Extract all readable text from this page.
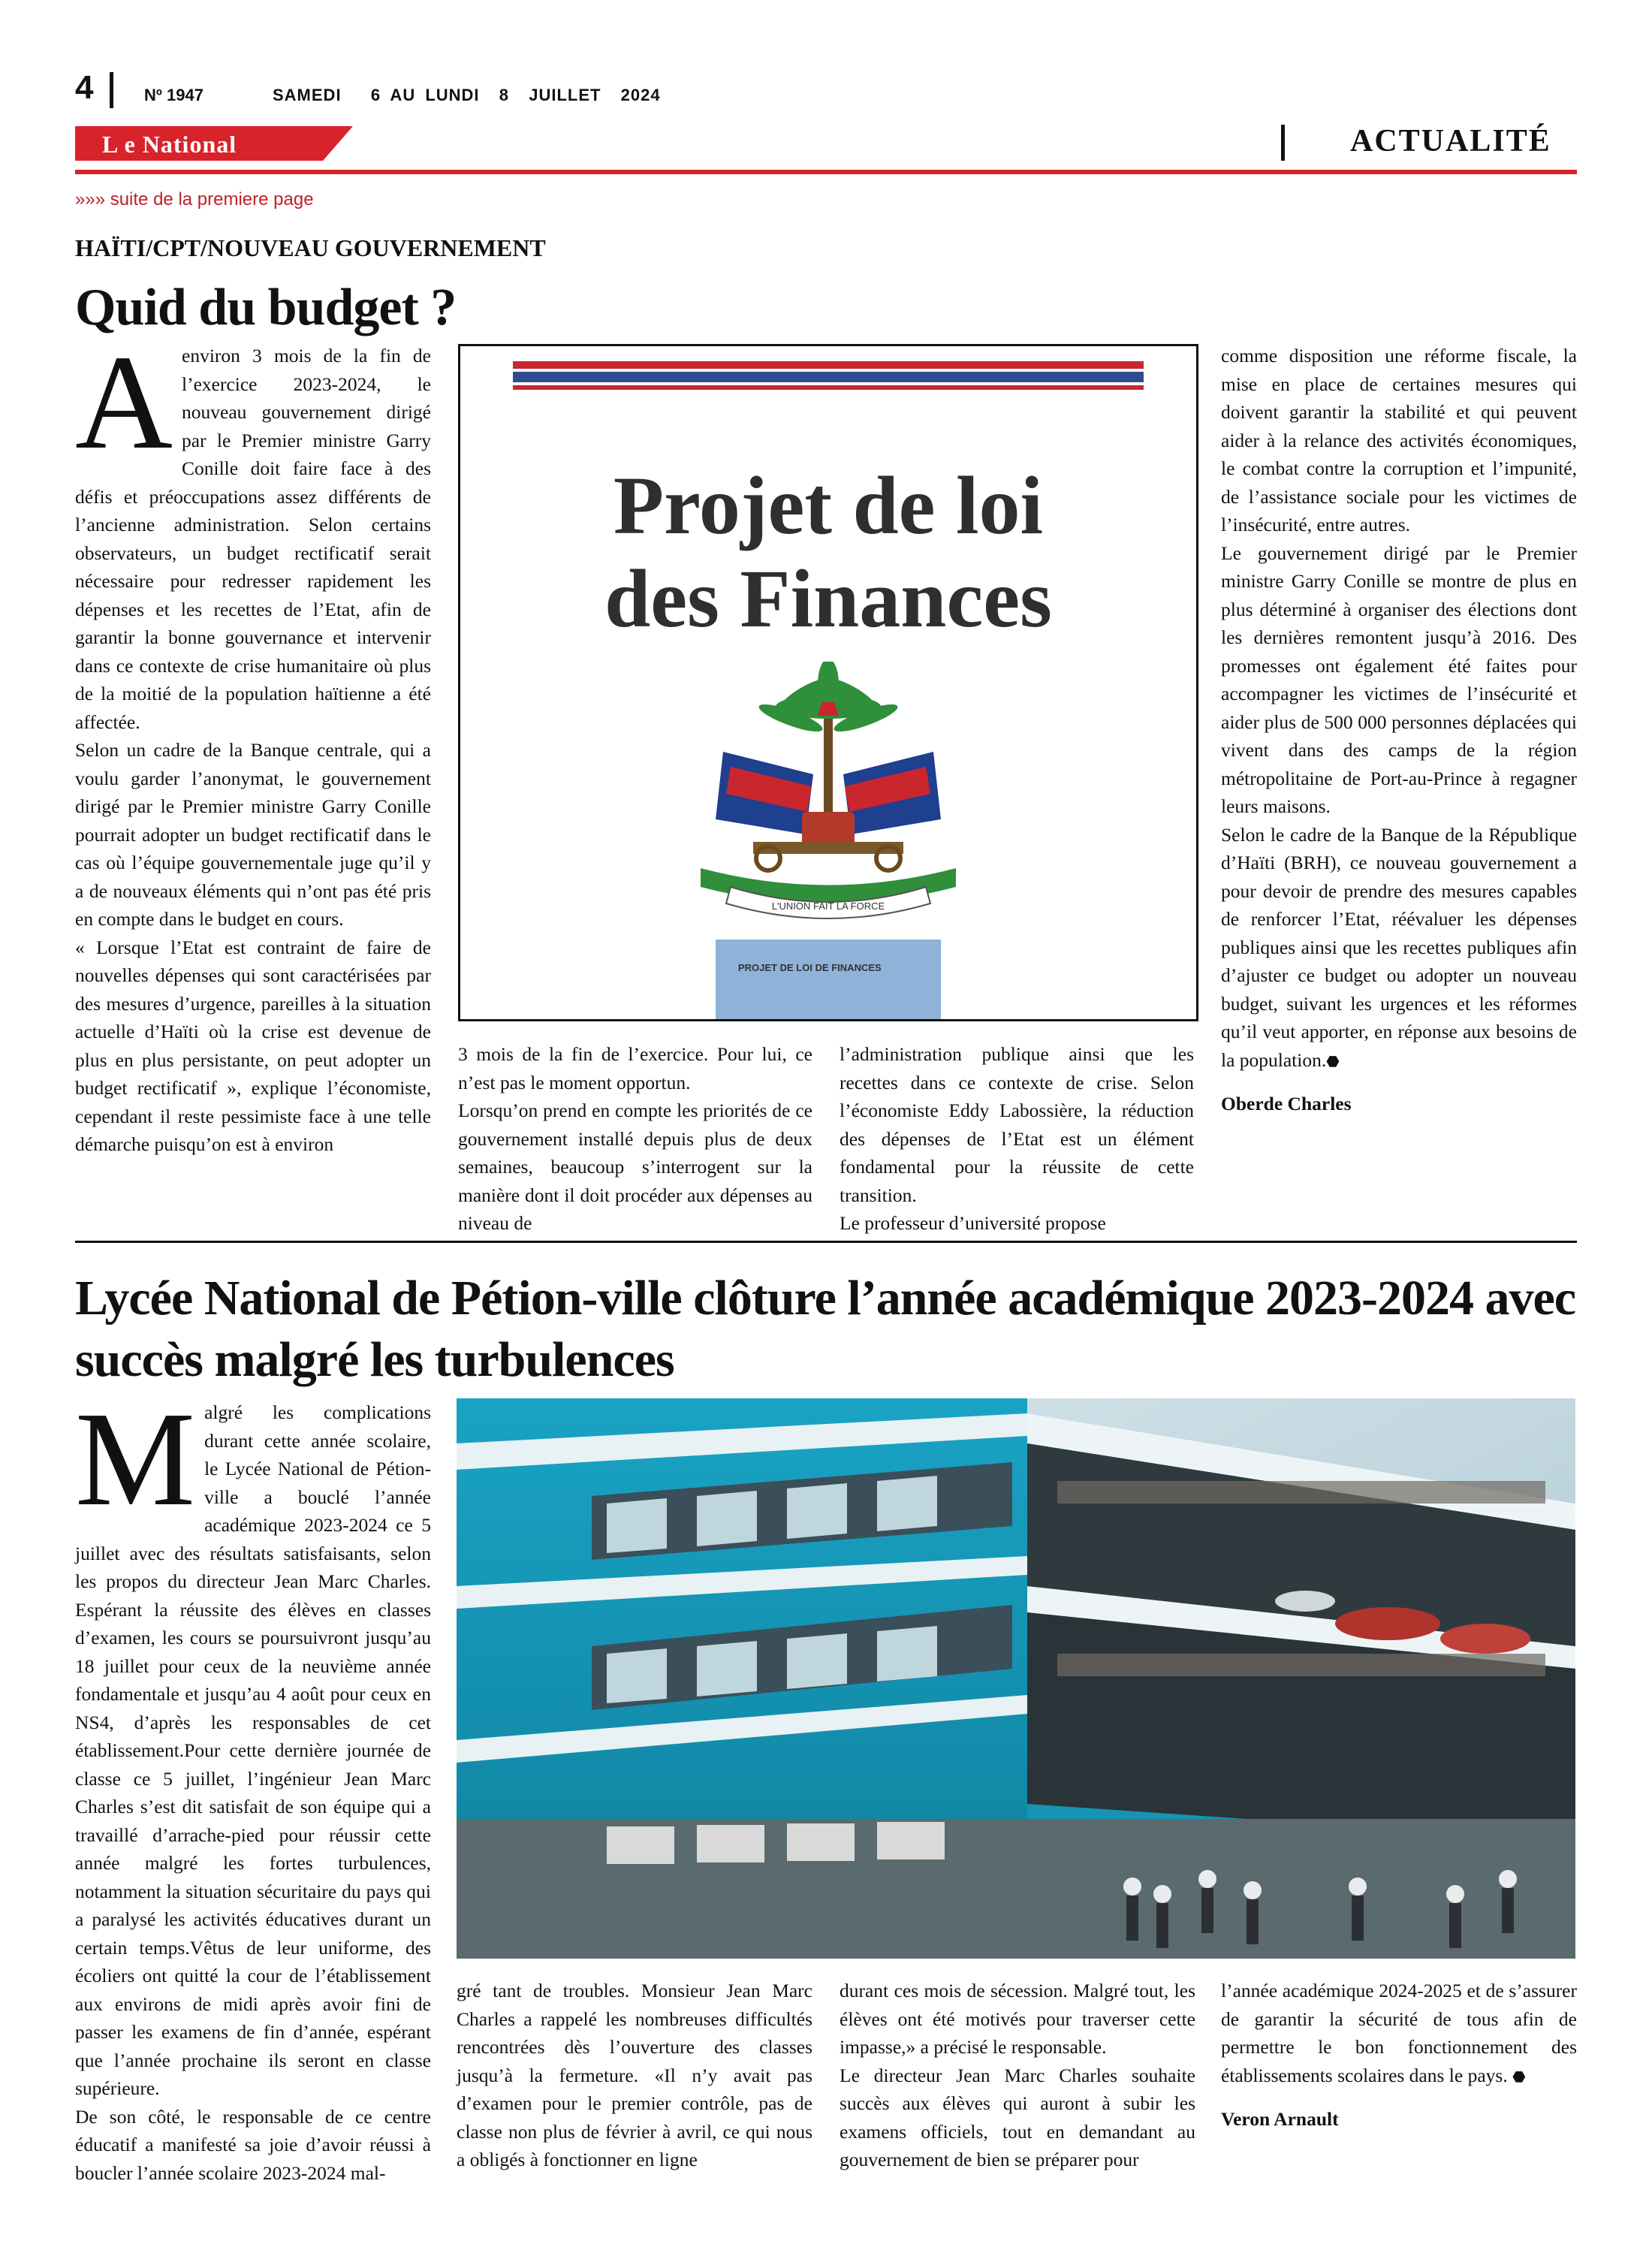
4	Nº 1947	SAMEDI   6 AU LUNDI  8  JUILLET  2024
L e National	ACTUALITÉ
»»» suite de la premiere page
HAÏTI/CPT/NOUVEAU GOUVERNEMENT
Quid du budget ?
A environ 3 mois de la fin de l’exercice 2023-2024, le nouveau gouvernement dirigé par le Premier ministre Garry Conille doit faire face à des défis et préoccupations assez différents de l’ancienne administration. Selon certains observateurs, un budget rectificatif serait nécessaire pour redresser rapidement les dépenses et les recettes de l’Etat, afin de garantir la bonne gouvernance et intervenir dans ce contexte de crise humanitaire où plus de la moitié de la population haïtienne a été affectée.

Selon un cadre de la Banque centrale, qui a voulu garder l’anonymat, le gouvernement dirigé par le Premier ministre Garry Conille pourrait adopter un budget rectificatif dans le cas où l’équipe gouvernementale juge qu’il y a de nouveaux éléments qui n’ont pas été pris en compte dans le budget en cours.

« Lorsque l’Etat est contraint de faire de nouvelles dépenses qui sont caractérisées par des mesures d’urgence, pareilles à la situation actuelle d’Haïti où la crise est devenue de plus en plus persistante, on peut adopter un budget rectificatif », explique l’économiste, cependant il reste pessimiste face à une telle démarche puisqu’on est à environ

Projet de loi
des Finances
L'UNION FAIT LA FORCE
PROJET DE LOI DE FINANCES

3 mois de la fin de l’exercice. Pour lui, ce n’est pas le moment opportun.

Lorsqu’on prend en compte les priorités de ce gouvernement installé depuis plus de deux semaines, beaucoup s’interrogent sur la manière dont il doit procéder aux dépenses au niveau de

l’administration publique ainsi que les recettes dans ce contexte de crise. Selon l’économiste Eddy Labossière, la réduction des dépenses de l’Etat est un élément fondamental pour la réussite de cette transition.

Le professeur d’université propose

comme disposition une réforme fiscale, la mise en place de certaines mesures qui doivent garantir la stabilité et qui peuvent aider à la relance des activités économiques, le combat contre la corruption et l’impunité, de l’assistance sociale pour les victimes de l’insécurité, entre autres.

Le gouvernement dirigé par le Premier ministre Garry Conille se montre de plus en plus déterminé à organiser des élections dont les dernières remontent jusqu’à 2016. Des promesses ont également été faites pour accompagner les victimes de l’insécurité et aider plus de 500 000 personnes déplacées qui vivent dans des camps de la région métropolitaine de Port-au-Prince à regagner leurs maisons.

Selon le cadre de la Banque de la République d’Haïti (BRH), ce nouveau gouvernement a pour devoir de prendre des mesures capables de renforcer l’Etat, réévaluer les dépenses publiques ainsi que les recettes publiques afin d’ajuster ce budget ou adopter un nouveau budget, suivant les urgences et les réformes qu’il veut apporter, en réponse aux besoins de la population.⬣

Oberde Charles

Lycée National de Pétion-ville clôture l’année académique 2023-2024 avec succès malgré les turbulences
M algré les complications durant cette année scolaire, le Lycée National de Pétion-ville a bouclé l’année académique 2023-2024 ce 5 juillet avec des résultats satisfaisants, selon les propos du directeur Jean Marc Charles. Espérant la réussite des élèves en classes d’examen, les cours se poursuivront jusqu’au 18 juillet pour ceux de la neuvième année fondamentale et jusqu’au 4 août pour ceux en NS4, d’après les responsables de cet établissement.Pour cette dernière journée de classe ce 5 juillet, l’ingénieur Jean Marc Charles s’est dit satisfait de son équipe qui a travaillé d’arrache-pied pour réussir cette année malgré les fortes turbulences, notamment la situation sécuritaire du pays qui a paralysé les activités éducatives durant un certain temps.Vêtus de leur uniforme, des écoliers ont quitté la cour de l’établissement aux environs de midi après avoir fini de passer les examens de fin d’année, espérant que l’année prochaine ils seront en classe supérieure.

De son côté, le responsable de ce centre éducatif a manifesté sa joie d’avoir réussi à boucler l’année scolaire 2023-2024 mal-

gré tant de troubles. Monsieur Jean Marc Charles a rappelé les nombreuses difficultés rencontrées dès l’ouverture des classes jusqu’à la fermeture. «Il n’y avait pas d’examen pour le premier contrôle, pas de classe non plus de février à avril, ce qui nous a obligés à fonctionner en ligne

durant ces mois de sécession. Malgré tout, les élèves ont été motivés pour traverser cette impasse,» a précisé le responsable.

Le directeur Jean Marc Charles souhaite succès aux élèves qui auront à subir les examens officiels, tout en demandant au gouvernement de bien se préparer pour

l’année académique 2024-2025 et de s’assurer de garantir la sécurité de tous afin de permettre le bon fonctionnement des établissements scolaires dans le pays. ⬣

Veron Arnault
